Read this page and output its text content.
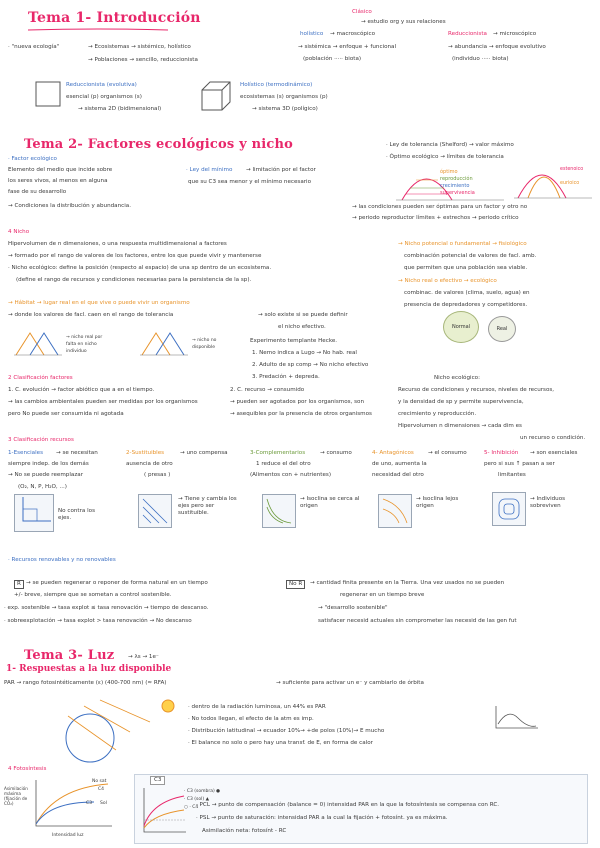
Tema 1- Introducción	Clásico
→ estudio org y sus relaciones
holístico → macroscópico	Reduccionista → microscópico
→ sistémica → enfoque + funcional
(población ····· biota)
→ abundancia → enfoque evolutivo
(individuo ····· biota)
· "nueva ecología"	→ Ecosistemas → sistémico, holístico
→ Poblaciones → sencillo, reduccionista
Reduccionista (evolutiva)
esencial (p) organismos (s)
→ sistema 2D (bidimensional)
Holístico (termodinámico)
ecosistemas (s) organismos (p)
→ sistema 3D (polígico)
Tema 2- Factores ecológicos y nicho
· Factor ecológico
Elemento del medio que incide sobre
los seres vivos, al menos en alguna
fase de su desarrollo
→ Condiciones la distribución y abundancia.
· Ley del mínimo → limitación por el factor
que su C3 sea menor y el mínimo necesario
· Ley de tolerancia (Shelford) → valor máximo
· Óptimo ecológico → límites de tolerancia
óptimo
reproducción
crecimiento
supervivencia
estenoico
eurioico
→ las condiciones pueden ser óptimas para un factor y otro no
→ periodo reproductor límites + estrechos → periodo crítico
4 Nicho
Hipervolumen de n dimensiones, o una respuesta multidimensional a factores
→ formado por el rango de valores de los factores, entre los que puede vivir y mantenerse
· Nicho ecológico: define la posición (respecto al espacio) de una sp dentro de un ecosistema.
(define el rango de recursos y condiciones necesarias para la persistencia de la sp).
→ Nicho potencial o fundamental → fisiológico
combinación potencial de valores de facl. amb.
que permiten que una población sea viable.
→ Nicho real o efectivo → ecológico
combinac. de valores (clima, suelo, agua) en
presencia de depredadores y competidores.
Normal	Real
→ Hábitat → lugar real en el que vive o puede vivir un organismo
→ donde los valores de facl. caen en el rango de tolerancia	→ solo existe si se puede definir
el nicho efectivo.
→ nicho real por
falta en nicho
individuo
→ nicho no
disponible
Experimento templante Hecke.
1. Nemo indica a Lugo → No hab. real
2. Adulto de sp comp → No nicho efectivo
3. Predación + depreda.
2 Clasificación factores
1. C. evolución → factor abiótico que a en el tiempo.
→ las cambios ambientales pueden ser medidas por los organismos
pero No puede ser consumida ni agotada
2. C. recurso → consumido
→ pueden ser agotados por los organismos, son
→ asequibles por la presencia de otros organismos
Nicho ecológico:
Recurso de condiciones y recursos, niveles de recursos,
y la densidad de sp y permite supervivencia,
crecimiento y reproducción.
Hipervolumen n dimensiones → cada dim es
un recurso o condición.
3 Clasificación recursos
1-Esenciales → se necesitan
siempre indep. de los demás
→ No se puede reemplazar
(O₂, N, P, H₂O, ...)
2-Sustituibles	→ uno compensa
ausencia de otro
( presas )
3-Complementarios	→ consumo
1 reduce el del otro
(Alimentos con + nutrientes)
4- Antagónicos	→ el consumo
de uno, aumenta la
necesidad del otro
5- Inhibición → son esenciales
pero si sus ↑ pasan a ser
limitantes
No contra los ejes.
→ Tiene y cambia los ejes pero ser sustituible.
→ Isoclina se cerca al origen
→ Isoclina lejos origen
→ Individuos sobreviven
· Recursos renovables y no renovables
R → se pueden regenerar o reponer de forma natural en un tiempo
+/- breve, siempre que se sometan a control sostenible.
· exp. sostenible → tasa explot ≤ tasa renovación → tiempo de descanso.
· sobreexplotación → tasa explot > tasa renovación → No descanso
No R	→ cantidad finita presente en la Tierra. Una vez usados no se pueden
regenerar en un tiempo breve
→ "desarrollo sostenible"
satisfacer necesid actuales sin comprometer las necesid de las gen fut
Tema 3- Luz → λs → 1e⁻
1- Respuestas a la luz disponible
PAR → rango fotosintéticamente (ε) (400-700 nm) (≈ RFA)	→ suficiente para activar un e⁻ y cambiarlo de órbita
· dentro de la radiación luminosa, un 44% es PAR
· No todos llegan, el efecto de la atm es imp.
· Distribución latitudinal → ecuador 10%→ +de polos (10%)→ E mucho
· El balance no solo o pero hay una transf. de E, en forma de calor
4 Fotosíntesis
Asimilación máxima (fijación de CO₂)
No sat
C4
C3 Sol
Intensidad luz
C3
· C3 (sombra) ●
· C3 (sol) ▲
○ · C4
· PCL → punto de compensación (balance = 0) intensidad PAR en la que la fotosíntesis se compensa con RC.
· PSL → punto de saturación: intensidad PAR a la cual la fijación + fotosínt. ya es máxima.
Asimilación neta: fotosínt - RC
